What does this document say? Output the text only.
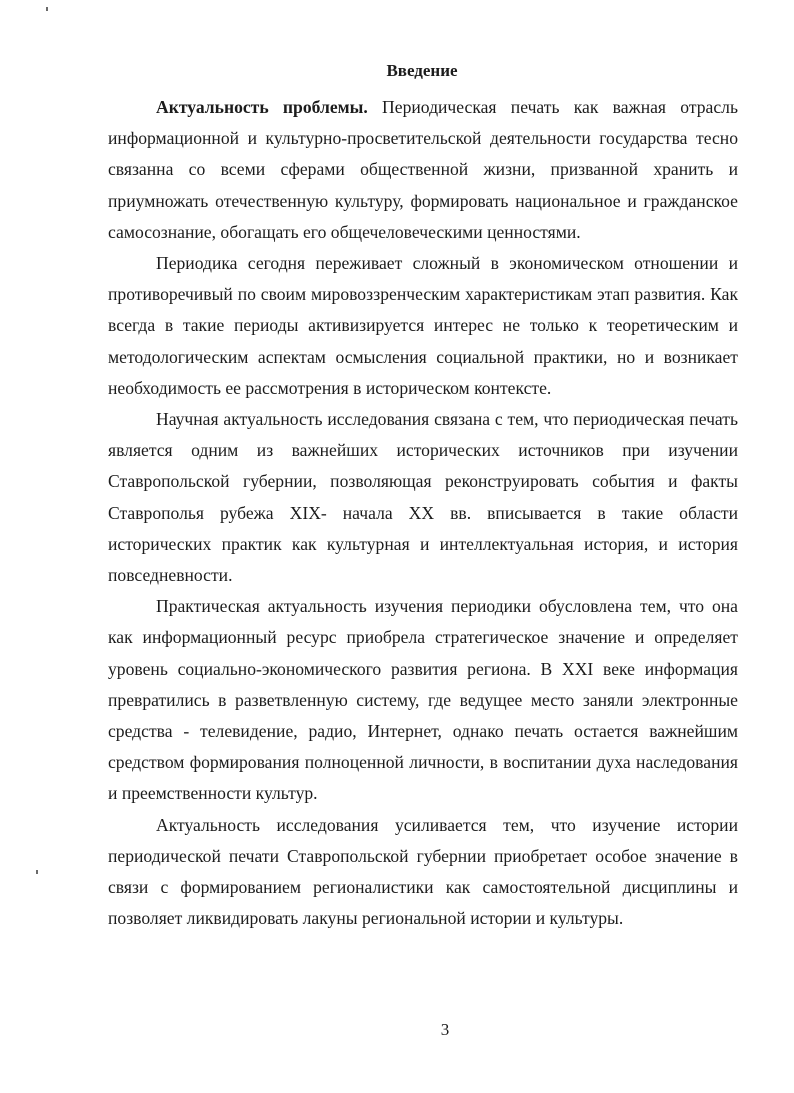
Введение

Актуальность проблемы. Периодическая печать как важная отрасль информационной и культурно-просветительской деятельности государства тесно связанна со всеми сферами общественной жизни, призванной хранить и приумножать отечественную культуру, формировать национальное и гражданское самосознание, обогащать его общечеловеческими ценностями.

Периодика сегодня переживает сложный в экономическом отношении и противоречивый по своим мировоззренческим характеристикам этап развития. Как всегда в такие периоды активизируется интерес не только к теоретическим и методологическим аспектам осмысления социальной практики, но и возникает необходимость ее рассмотрения в историческом контексте.

Научная актуальность исследования связана с тем, что периодическая печать является одним из важнейших исторических источников при изучении Ставропольской губернии, позволяющая реконструировать события и факты Ставрополья рубежа XIX- начала XX вв. вписывается в такие области исторических практик как культурная и интеллектуальная история, и история повседневности.

Практическая актуальность изучения периодики обусловлена тем, что она как информационный ресурс приобрела стратегическое значение и определяет уровень социально-экономического развития региона. В XXI веке информация превратились в разветвленную систему, где ведущее место заняли электронные средства - телевидение, радио, Интернет, однако печать остается важнейшим средством формирования полноценной личности, в воспитании духа наследования и преемственности культур.

Актуальность исследования усиливается тем, что изучение истории периодической печати Ставропольской губернии приобретает особое значение в связи с формированием регионалистики как самостоятельной дисциплины и позволяет ликвидировать лакуны региональной истории и культуры.

3
